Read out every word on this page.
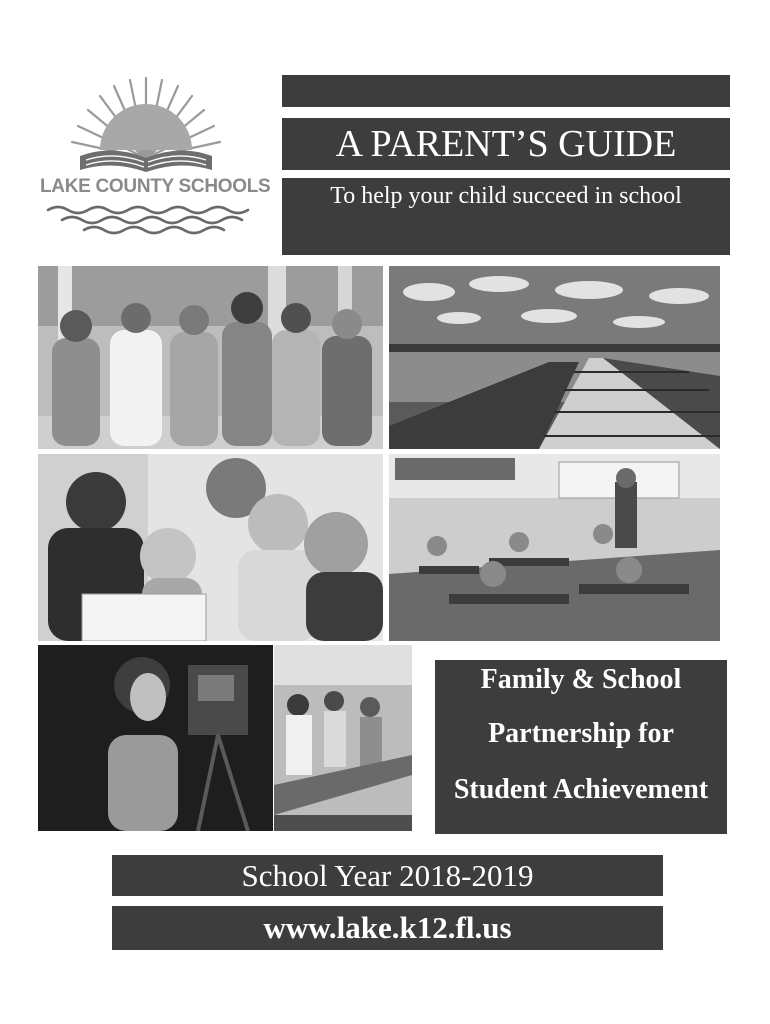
LAKE COUNTY SCHOOLS
A PARENT’S GUIDE
To help your child succeed in school
Family & School
Partnership for
Student Achievement
School Year 2018-2019
www.lake.k12.fl.us
